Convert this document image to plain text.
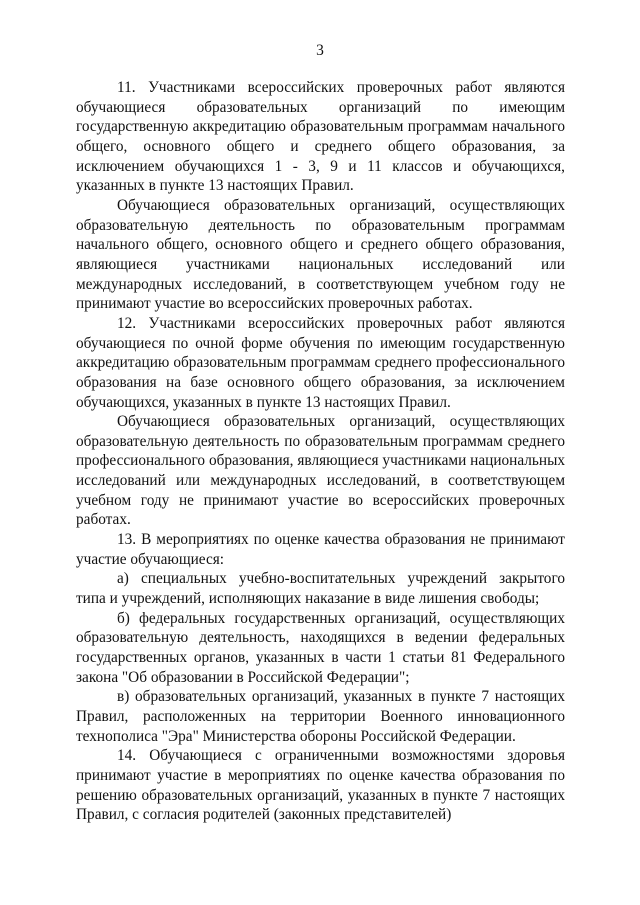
3

11. Участниками всероссийских проверочных работ являются обучающиеся образовательных организаций по имеющим государственную аккредитацию образовательным программам начального общего, основного общего и среднего общего образования, за исключением обучающихся 1 - 3, 9 и 11 классов и обучающихся, указанных в пункте 13 настоящих Правил.

Обучающиеся образовательных организаций, осуществляющих образовательную деятельность по образовательным программам начального общего, основного общего и среднего общего образования, являющиеся участниками национальных исследований или международных исследований, в соответствующем учебном году не принимают участие во всероссийских проверочных работах.

12. Участниками всероссийских проверочных работ являются обучающиеся по очной форме обучения по имеющим государственную аккредитацию образовательным программам среднего профессионального образования на базе основного общего образования, за исключением обучающихся, указанных в пункте 13 настоящих Правил.

Обучающиеся образовательных организаций, осуществляющих образовательную деятельность по образовательным программам среднего профессионального образования, являющиеся участниками национальных исследований или международных исследований, в соответствующем учебном году не принимают участие во всероссийских проверочных работах.

13. В мероприятиях по оценке качества образования не принимают участие обучающиеся:

а) специальных учебно-воспитательных учреждений закрытого типа и учреждений, исполняющих наказание в виде лишения свободы;

б) федеральных государственных организаций, осуществляющих образовательную деятельность, находящихся в ведении федеральных государственных органов, указанных в части 1 статьи 81 Федерального закона "Об образовании в Российской Федерации";

в) образовательных организаций, указанных в пункте 7 настоящих Правил, расположенных на территории Военного инновационного технополиса "Эра" Министерства обороны Российской Федерации.

14. Обучающиеся с ограниченными возможностями здоровья принимают участие в мероприятиях по оценке качества образования по решению образовательных организаций, указанных в пункте 7 настоящих Правил, с согласия родителей (законных представителей)
